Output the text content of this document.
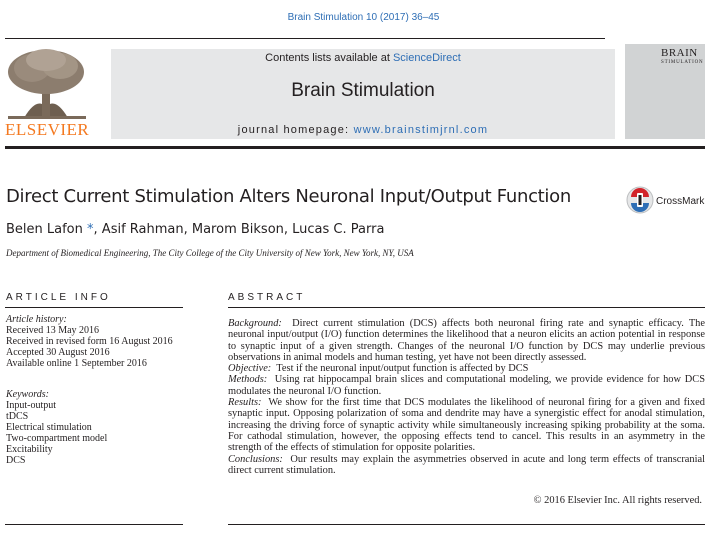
Brain Stimulation 10 (2017) 36–45
ELSEVIER
Contents lists available at ScienceDirect
Brain Stimulation
journal homepage: www.brainstimjrnl.com
BRAIN
STIMULATION
Direct Current Stimulation Alters Neuronal Input/Output Function	CrossMark
Belen Lafon *, Asif Rahman, Marom Bikson, Lucas C. Parra
Department of Biomedical Engineering, The City College of the City University of New York, New York, NY, USA
ARTICLE INFO
Article history:
Received 13 May 2016
Received in revised form 16 August 2016
Accepted 30 August 2016
Available online 1 September 2016
Keywords:
Input-output
tDCS
Electrical stimulation
Two-compartment model
Excitability
DCS
ABSTRACT

Background: Direct current stimulation (DCS) affects both neuronal firing rate and synaptic efficacy. The neuronal input/output (I/O) function determines the likelihood that a neuron elicits an action potential in response to synaptic input of a given strength. Changes of the neuronal I/O function by DCS may underlie previous observations in animal models and human testing, yet have not been directly assessed.

Objective: Test if the neuronal input/output function is affected by DCS

Methods: Using rat hippocampal brain slices and computational modeling, we provide evidence for how DCS modulates the neuronal I/O function.

Results: We show for the first time that DCS modulates the likelihood of neuronal firing for a given and fixed synaptic input. Opposing polarization of soma and dendrite may have a synergistic effect for anodal stimulation, increasing the driving force of synaptic activity while simultaneously increasing spiking probability at the soma. For cathodal stimulation, however, the opposing effects tend to cancel. This results in an asymmetry in the strength of the effects of stimulation for opposite polarities.

Conclusions: Our results may explain the asymmetries observed in acute and long term effects of transcranial direct current stimulation.

© 2016 Elsevier Inc. All rights reserved.
